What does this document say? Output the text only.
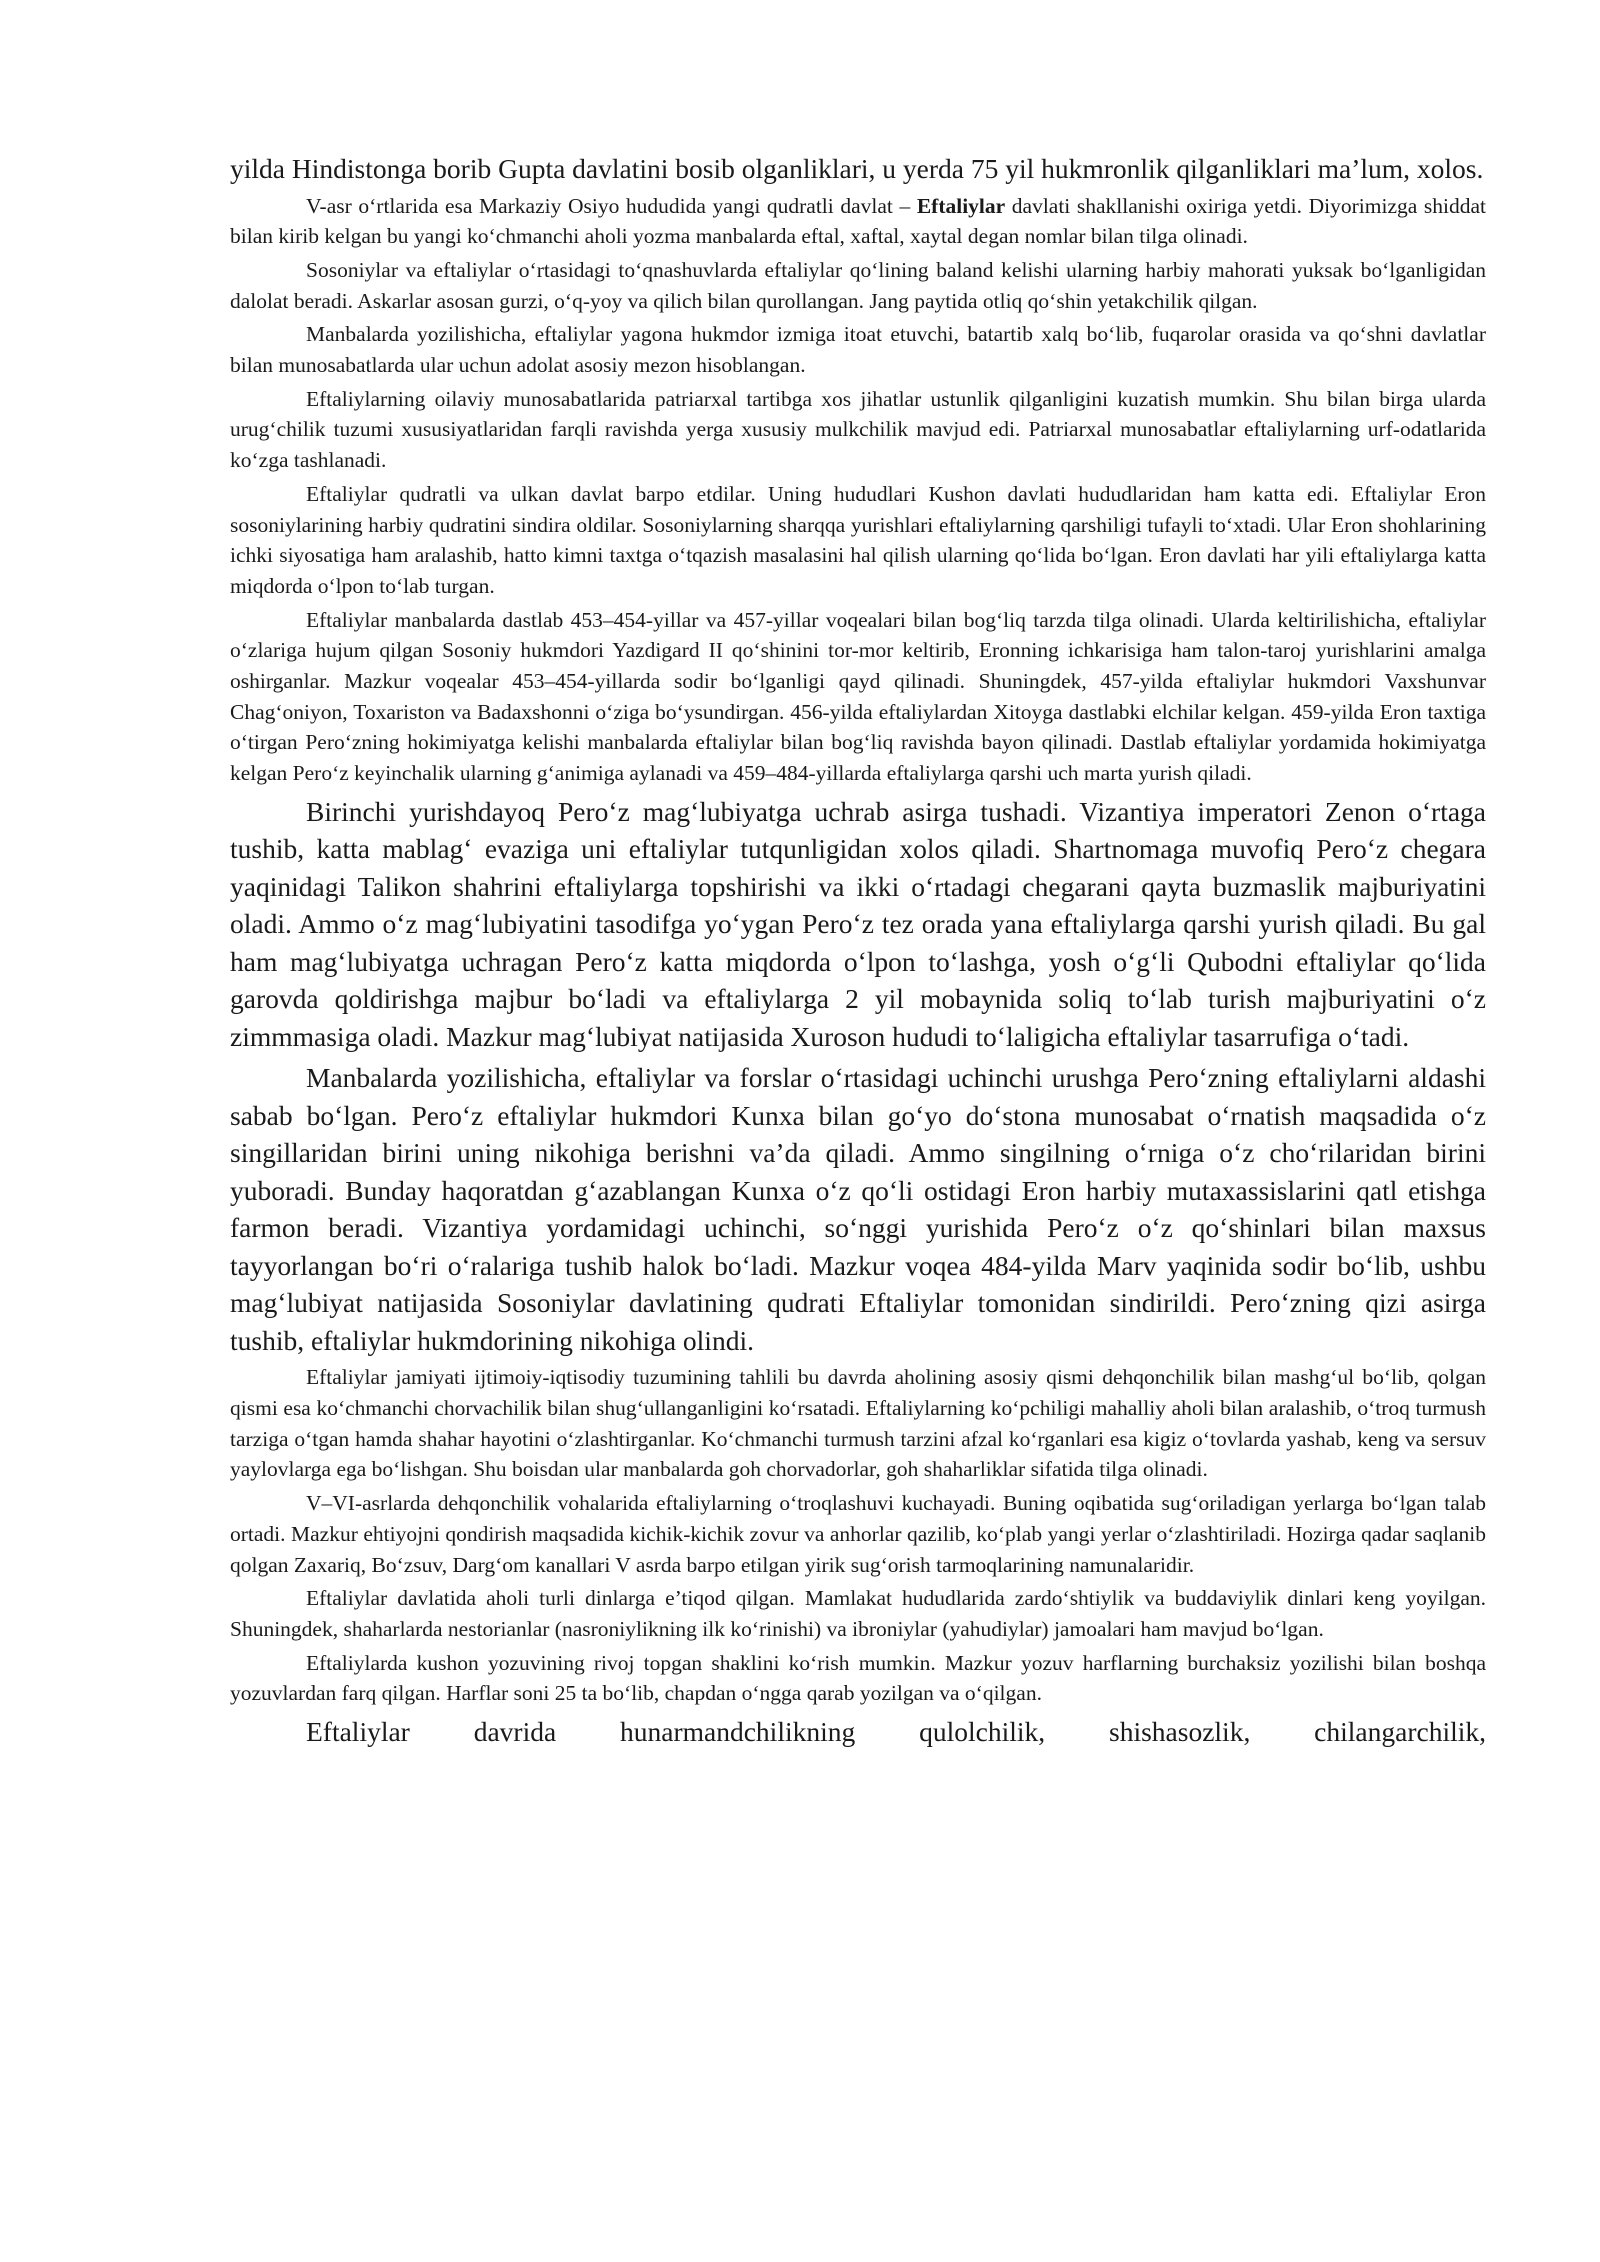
yilda Hindistonga borib Gupta davlatini bosib olganliklari, u yerda 75 yil hukmronlik qilganliklari ma’lum, xolos.

V-asr o‘rtlarida esa Markaziy Osiyo hududida yangi qudratli davlat – Eftaliylar davlati shakllanishi oxiriga yetdi. Diyorimizga shiddat bilan kirib kelgan bu yangi ko‘chmanchi aholi yozma manbalarda eftal, xaftal, xaytal degan nomlar bilan tilga olinadi.

Sosoniylar va eftaliylar o‘rtasidagi to‘qnashuvlarda eftaliylar qo‘lining baland kelishi ularning harbiy mahorati yuksak bo‘lganligidan dalolat beradi. Askarlar asosan gurzi, o‘q-yoy va qilich bilan qurollangan. Jang paytida otliq qo‘shin yetakchilik qilgan.

Manbalarda yozilishicha, eftaliylar yagona hukmdor izmiga itoat etuvchi, batartib xalq bo‘lib, fuqarolar orasida va qo‘shni davlatlar bilan munosabatlarda ular uchun adolat asosiy mezon hisoblangan.

Eftaliylarning oilaviy munosabatlarida patriarxal tartibga xos jihatlar ustunlik qilganligini kuzatish mumkin. Shu bilan birga ularda urug‘chilik tuzumi xususiyatlaridan farqli ravishda yerga xususiy mulkchilik mavjud edi. Patriarxal munosabatlar eftaliylarning urf-odatlarida ko‘zga tashlanadi.

Eftaliylar qudratli va ulkan davlat barpo etdilar. Uning hududlari Kushon davlati hududlaridan ham katta edi. Eftaliylar Eron sosoniylarining harbiy qudratini sindira oldilar. Sosoniylarning sharqqa yurishlari eftaliylarning qarshiligi tufayli to‘xtadi. Ular Eron shohlarining ichki siyosatiga ham aralashib, hatto kimni taxtga o‘tqazish masalasini hal qilish ularning qo‘lida bo‘lgan. Eron davlati har yili eftaliylarga katta miqdorda o‘lpon to‘lab turgan.

Eftaliylar manbalarda dastlab 453–454-yillar va 457-yillar voqealari bilan bog‘liq tarzda tilga olinadi. Ularda keltirilishicha, eftaliylar o‘zlariga hujum qilgan Sosoniy hukmdori Yazdigard II qo‘shinini tor-mor keltirib, Eronning ichkarisiga ham talon-taroj yurishlarini amalga oshirganlar. Mazkur voqealar 453–454-yillarda sodir bo‘lganligi qayd qilinadi. Shuningdek, 457-yilda eftaliylar hukmdori Vaxshunvar Chag‘oniyon, Toxariston va Badaxshonni o‘ziga bo‘ysundirgan. 456-yilda eftaliylardan Xitoyga dastlabki elchilar kelgan. 459-yilda Eron taxtiga o‘tirgan Pero‘zning hokimiyatga kelishi manbalarda eftaliylar bilan bog‘liq ravishda bayon qilinadi. Dastlab eftaliylar yordamida hokimiyatga kelgan Pero‘z keyinchalik ularning g‘animiga aylanadi va 459–484-yillarda eftaliylarga qarshi uch marta yurish qiladi.

Birinchi yurishdayoq Pero‘z mag‘lubiyatga uchrab asirga tushadi. Vizantiya imperatori Zenon o‘rtaga tushib, katta mablag‘ evaziga uni eftaliylar tutqunligidan xolos qiladi. Shartnomaga muvofiq Pero‘z chegara yaqinidagi Talikon shahrini eftaliylarga topshirishi va ikki o‘rtadagi chegarani qayta buzmaslik majburiyatini oladi. Ammo o‘z mag‘lubiyatini tasodifga yo‘ygan Pero‘z tez orada yana eftaliylarga qarshi yurish qiladi. Bu gal ham mag‘lubiyatga uchragan Pero‘z katta miqdorda o‘lpon to‘lashga, yosh o‘g‘li Qubodni eftaliylar qo‘lida garovda qoldirishga majbur bo‘ladi va eftaliylarga 2 yil mobaynida soliq to‘lab turish majburiyatini o‘z zimmmasiga oladi. Mazkur mag‘lubiyat natijasida Xuroson hududi to‘laligicha eftaliylar tasarrufiga o‘tadi.

Manbalarda yozilishicha, eftaliylar va forslar o‘rtasidagi uchinchi urushga Pero‘zning eftaliylarni aldashi sabab bo‘lgan. Pero‘z eftaliylar hukmdori Kunxa bilan go‘yo do‘stona munosabat o‘rnatish maqsadida o‘z singillaridan birini uning nikohiga berishni va’da qiladi. Ammo singilning o‘rniga o‘z cho‘rilaridan birini yuboradi. Bunday haqoratdan g‘azablangan Kunxa o‘z qo‘li ostidagi Eron harbiy mutaxassislarini qatl etishga farmon beradi. Vizantiya yordamidagi uchinchi, so‘nggi yurishida Pero‘z o‘z qo‘shinlari bilan maxsus tayyorlangan bo‘ri o‘ralariga tushib halok bo‘ladi. Mazkur voqea 484-yilda Marv yaqinida sodir bo‘lib, ushbu mag‘lubiyat natijasida Sosoniylar davlatining qudrati Eftaliylar tomonidan sindirildi. Pero‘zning qizi asirga tushib, eftaliylar hukmdorining nikohiga olindi.

Eftaliylar jamiyati ijtimoiy-iqtisodiy tuzumining tahlili bu davrda aholining asosiy qismi dehqonchilik bilan mashg‘ul bo‘lib, qolgan qismi esa ko‘chmanchi chorvachilik bilan shug‘ullanganligini ko‘rsatadi. Eftaliylarning ko‘pchiligi mahalliy aholi bilan aralashib, o‘troq turmush tarziga o‘tgan hamda shahar hayotini o‘zlashtirganlar. Ko‘chmanchi turmush tarzini afzal ko‘rganlari esa kigiz o‘tovlarda yashab, keng va sersuv yaylovlarga ega bo‘lishgan. Shu boisdan ular manbalarda goh chorvadorlar, goh shaharliklar sifatida tilga olinadi.

V–VI-asrlarda dehqonchilik vohalarida eftaliylarning o‘troqlashuvi kuchayadi. Buning oqibatida sug‘oriladigan yerlarga bo‘lgan talab ortadi. Mazkur ehtiyojni qondirish maqsadida kichik-kichik zovur va anhorlar qazilib, ko‘plab yangi yerlar o‘zlashtiriladi. Hozirga qadar saqlanib qolgan Zaxariq, Bo‘zsuv, Darg‘om kanallari V asrda barpo etilgan yirik sug‘orish tarmoqlarining namunalaridir.

Eftaliylar davlatida aholi turli dinlarga e’tiqod qilgan. Mamlakat hududlarida zardo‘shtiylik va buddaviylik dinlari keng yoyilgan. Shuningdek, shaharlarda nestorianlar (nasroniylikning ilk ko‘rinishi) va ibroniylar (yahudiylar) jamoalari ham mavjud bo‘lgan.

Eftaliylarda kushon yozuvining rivoj topgan shaklini ko‘rish mumkin. Mazkur yozuv harflarning burchaksiz yozilishi bilan boshqa yozuvlardan farq qilgan. Harflar soni 25 ta bo‘lib, chapdan o‘ngga qarab yozilgan va o‘qilgan.

Eftaliylar davrida hunarmandchilikning qulolchilik, shishasozlik, chilangarchilik,
